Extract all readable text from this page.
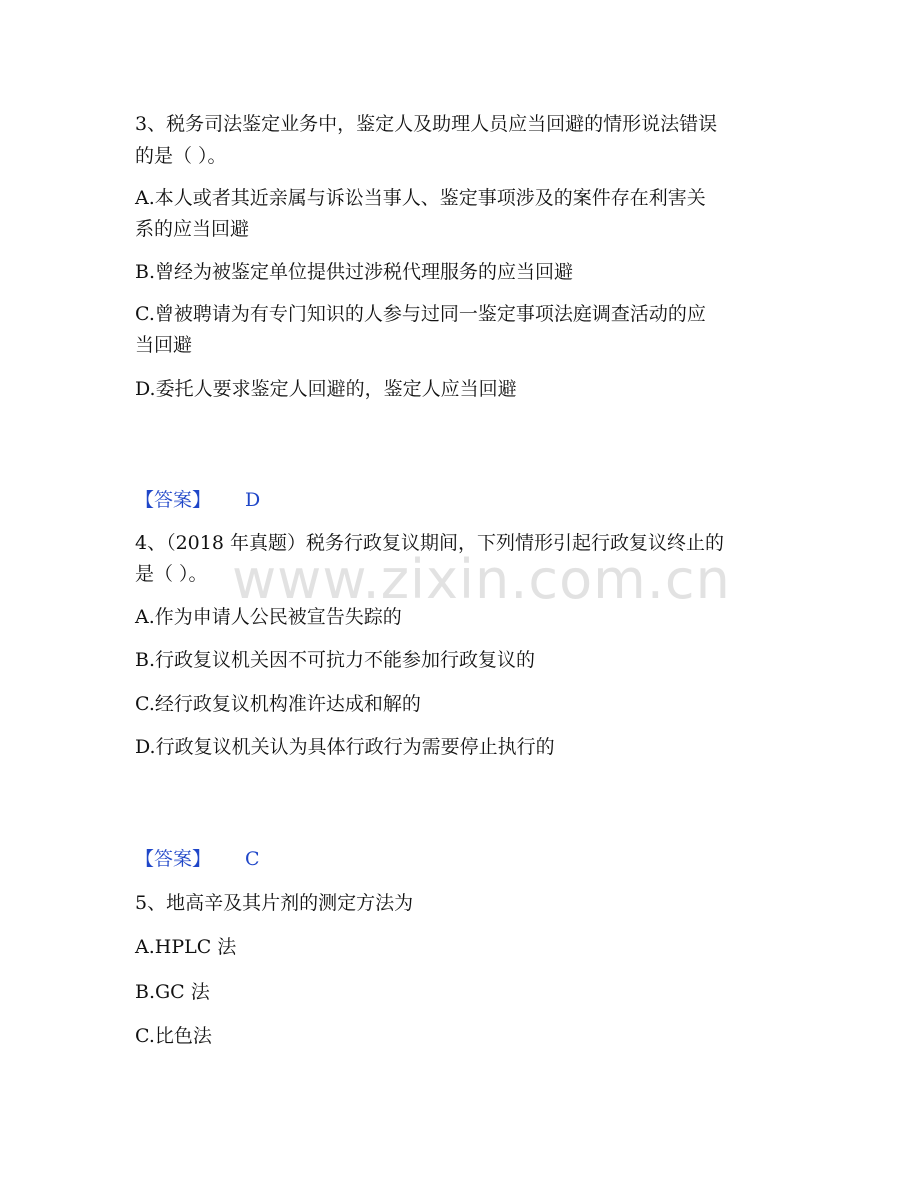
www.zixin.com.cn
3、税务司法鉴定业务中，鉴定人及助理人员应当回避的情形说法错误
的是（ ）。
A.本人或者其近亲属与诉讼当事人、鉴定事项涉及的案件存在利害关
系的应当回避
B.曾经为被鉴定单位提供过涉税代理服务的应当回避
C.曾被聘请为有专门知识的人参与过同一鉴定事项法庭调查活动的应
当回避
D.委托人要求鉴定人回避的，鉴定人应当回避
【答案】 D
4、（2018 年真题）税务行政复议期间，下列情形引起行政复议终止的
是（ ）。
A.作为申请人公民被宣告失踪的
B.行政复议机关因不可抗力不能参加行政复议的
C.经行政复议机构准许达成和解的
D.行政复议机关认为具体行政行为需要停止执行的
【答案】 C
5、地高辛及其片剂的测定方法为
A.HPLC 法
B.GC 法
C.比色法
